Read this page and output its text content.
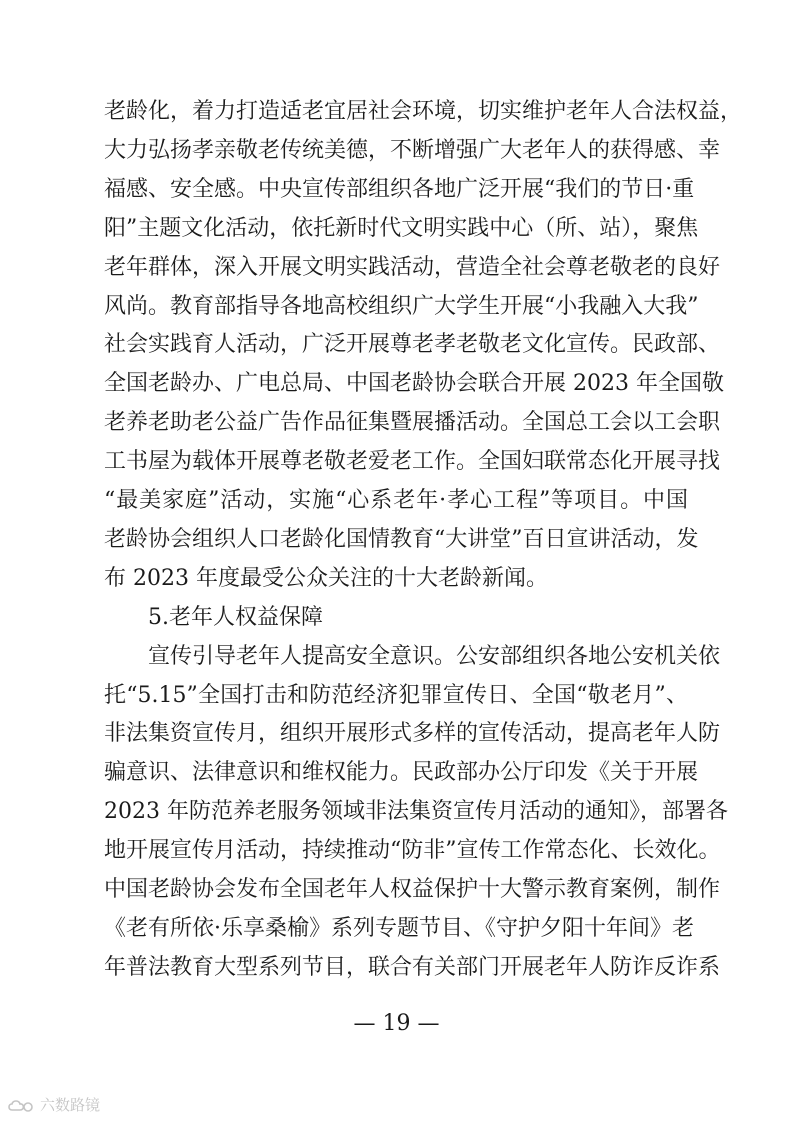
老龄化，着力打造适老宜居社会环境，切实维护老年人合法权益，
大力弘扬孝亲敬老传统美德，不断增强广大老年人的获得感、幸
福感、安全感。中央宣传部组织各地广泛开展“我们的节日·重
阳”主题文化活动，依托新时代文明实践中心（所、站），聚焦
老年群体，深入开展文明实践活动，营造全社会尊老敬老的良好
风尚。教育部指导各地高校组织广大学生开展“小我融入大我”
社会实践育人活动，广泛开展尊老孝老敬老文化宣传。民政部、
全国老龄办、广电总局、中国老龄协会联合开展 2023 年全国敬
老养老助老公益广告作品征集暨展播活动。全国总工会以工会职
工书屋为载体开展尊老敬老爱老工作。全国妇联常态化开展寻找
“最美家庭”活动，实施“心系老年·孝心工程”等项目。中国
老龄协会组织人口老龄化国情教育“大讲堂”百日宣讲活动，发
布 2023 年度最受公众关注的十大老龄新闻。
5.老年人权益保障
宣传引导老年人提高安全意识。公安部组织各地公安机关依
托“5.15”全国打击和防范经济犯罪宣传日、全国“敬老月”、
非法集资宣传月，组织开展形式多样的宣传活动，提高老年人防
骗意识、法律意识和维权能力。民政部办公厅印发《关于开展
2023 年防范养老服务领域非法集资宣传月活动的通知》，部署各
地开展宣传月活动，持续推动“防非”宣传工作常态化、长效化。
中国老龄协会发布全国老年人权益保护十大警示教育案例，制作
《老有所依·乐享桑榆》系列专题节目、《守护夕阳十年间》老
年普法教育大型系列节目，联合有关部门开展老年人防诈反诈系
— 19 —
六数路镜
